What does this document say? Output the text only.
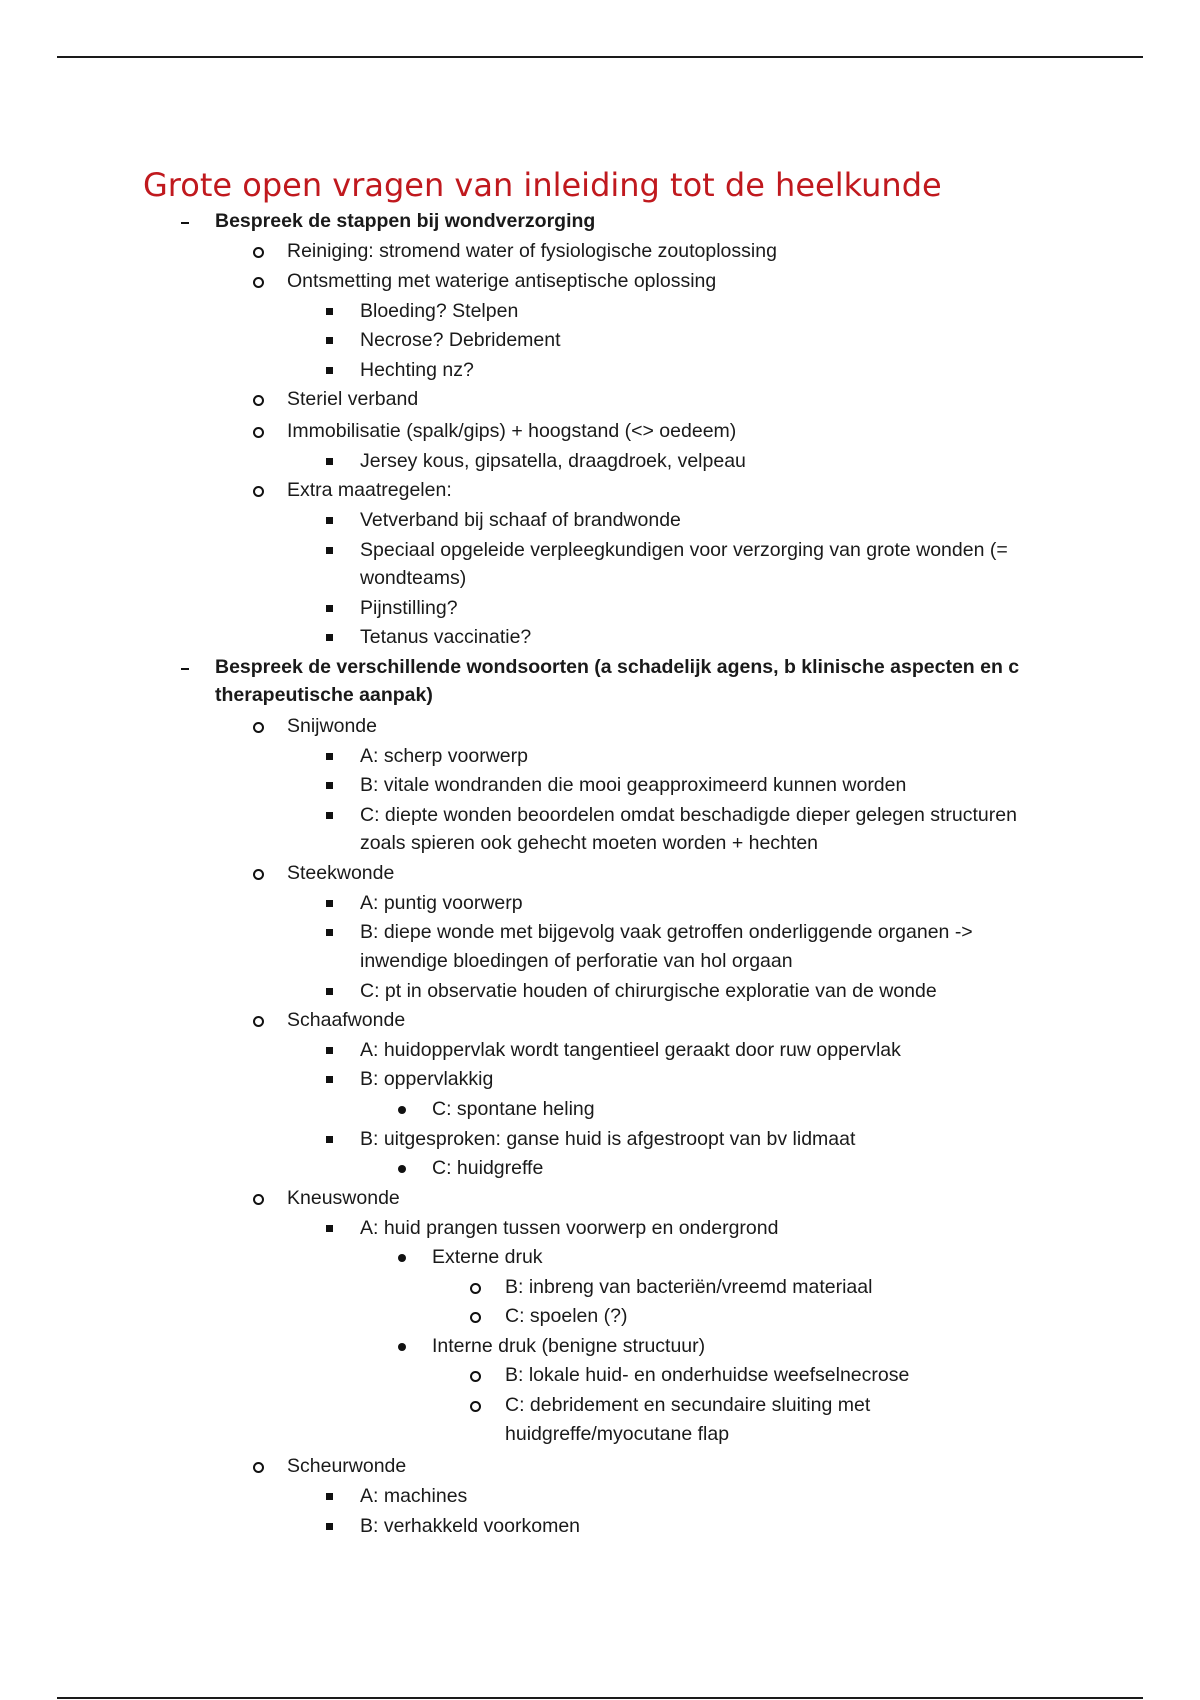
Grote open vragen van inleiding tot de heelkunde
Bespreek de stappen bij wondverzorging
Reiniging: stromend water of fysiologische zoutoplossing
Ontsmetting met waterige antiseptische oplossing
Bloeding? Stelpen
Necrose? Debridement
Hechting nz?
Steriel verband
Immobilisatie (spalk/gips) + hoogstand (<> oedeem)
Jersey kous, gipsatella, draagdroek, velpeau
Extra maatregelen:
Vetverband bij schaaf of brandwonde
Speciaal opgeleide verpleegkundigen voor verzorging van grote wonden (=
wondteams)
Pijnstilling?
Tetanus vaccinatie?
Bespreek de verschillende wondsoorten (a schadelijk agens, b klinische aspecten en c
therapeutische aanpak)
Snijwonde
A: scherp voorwerp
B: vitale wondranden die mooi geapproximeerd kunnen worden
C: diepte wonden beoordelen omdat beschadigde dieper gelegen structuren
zoals spieren ook gehecht moeten worden + hechten
Steekwonde
A: puntig voorwerp
B: diepe wonde met bijgevolg vaak getroffen onderliggende organen ->
inwendige bloedingen of perforatie van hol orgaan
C: pt in observatie houden of chirurgische exploratie van de wonde
Schaafwonde
A: huidoppervlak wordt tangentieel geraakt door ruw oppervlak
B: oppervlakkig
C: spontane heling
B: uitgesproken: ganse huid is afgestroopt van bv lidmaat
C: huidgreffe
Kneuswonde
A: huid prangen tussen voorwerp en ondergrond
Externe druk
B: inbreng van bacteriën/vreemd materiaal
C: spoelen (?)
Interne druk (benigne structuur)
B: lokale huid- en onderhuidse weefselnecrose
C: debridement en secundaire sluiting met
huidgreffe/myocutane flap
Scheurwonde
A: machines
B: verhakkeld voorkomen
